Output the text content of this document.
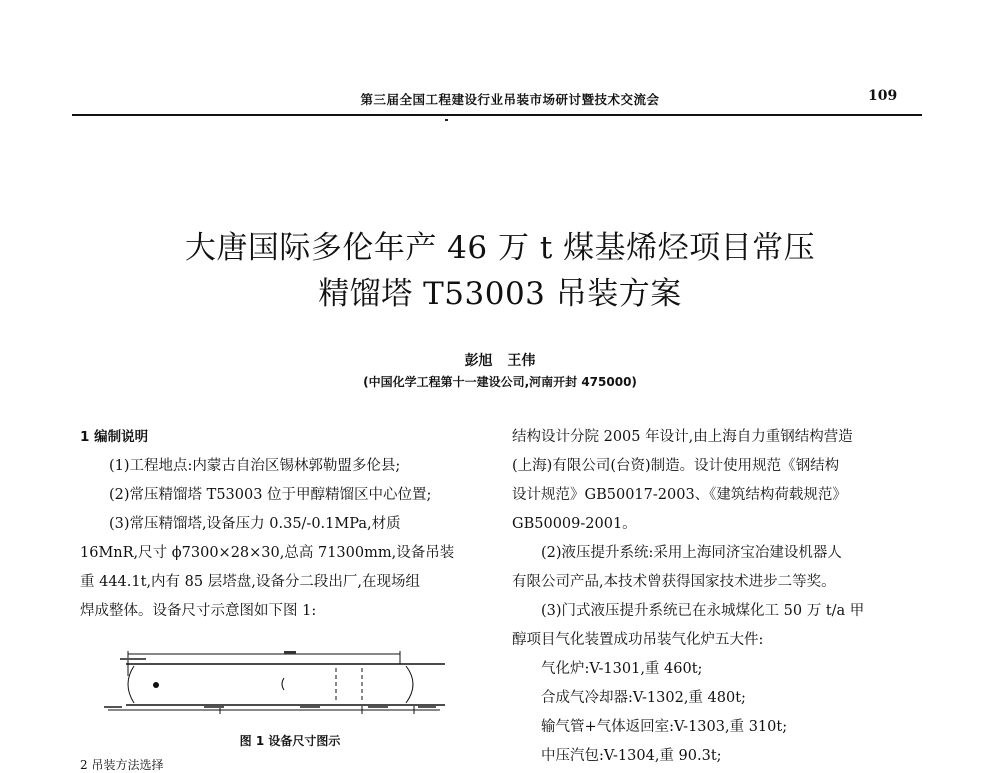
第三届全国工程建设行业吊装市场研讨暨技术交流会	109
大唐国际多伦年产 46 万 t 煤基烯烃项目常压
精馏塔 T53003 吊装方案
彭旭 王伟
(中国化学工程第十一建设公司,河南开封 475000)

1 编制说明

(1)工程地点:内蒙古自治区锡林郭勒盟多伦县;

(2)常压精馏塔 T53003 位于甲醇精馏区中心位置;

(3)常压精馏塔,设备压力 0.35/-0.1MPa,材质

16MnR,尺寸 ϕ7300×28×30,总高 71300mm,设备吊装

重 444.1t,内有 85 层塔盘,设备分二段出厂,在现场组

焊成整体。设备尺寸示意图如下图 1:

图 1 设备尺寸图示
2 吊装方法选择

结构设计分院 2005 年设计,由上海自力重钢结构营造

(上海)有限公司(台资)制造。设计使用规范《钢结构

设计规范》GB50017-2003、《建筑结构荷载规范》

GB50009-2001。

(2)液压提升系统:采用上海同济宝冶建设机器人

有限公司产品,本技术曾获得国家技术进步二等奖。

(3)门式液压提升系统已在永城煤化工 50 万 t/a 甲

醇项目气化装置成功吊装气化炉五大件:

气化炉:V-1301,重 460t;

合成气冷却器:V-1302,重 480t;

输气管+气体返回室:V-1303,重 310t;

中压汽包:V-1304,重 90.3t;
